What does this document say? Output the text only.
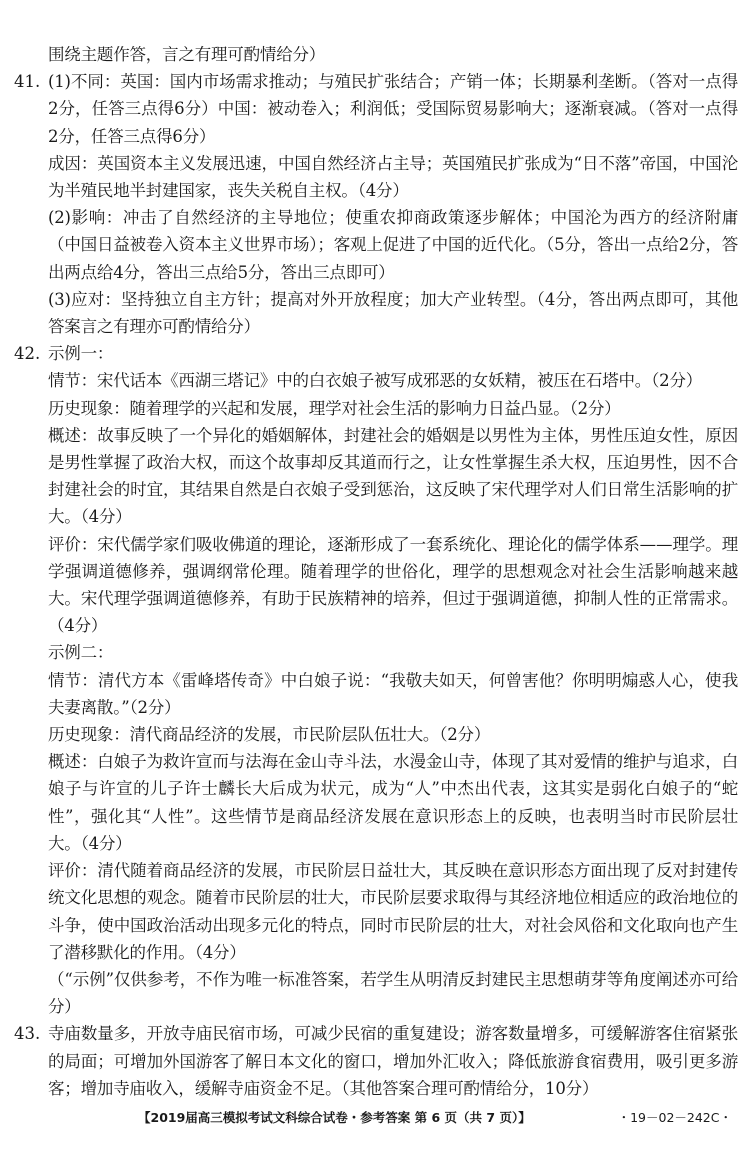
围绕主题作答，言之有理可酌情给分）

41. (1)不同：英国：国内市场需求推动；与殖民扩张结合；产销一体；长期暴利垄断。（答对一点得2分，任答三点得6分）中国：被动卷入；利润低；受国际贸易影响大；逐渐衰减。（答对一点得2分，任答三点得6分）

成因：英国资本主义发展迅速，中国自然经济占主导；英国殖民扩张成为“日不落”帝国，中国沦为半殖民地半封建国家，丧失关税自主权。（4分）

(2)影响：冲击了自然经济的主导地位；使重农抑商政策逐步解体；中国沦为西方的经济附庸（中国日益被卷入资本主义世界市场）；客观上促进了中国的近代化。（5分，答出一点给2分，答出两点给4分，答出三点给5分，答出三点即可）

(3)应对：坚持独立自主方针；提高对外开放程度；加大产业转型。（4分，答出两点即可，其他答案言之有理亦可酌情给分）

42. 示例一：

情节：宋代话本《西湖三塔记》中的白衣娘子被写成邪恶的女妖精，被压在石塔中。（2分）

历史现象：随着理学的兴起和发展，理学对社会生活的影响力日益凸显。（2分）

概述：故事反映了一个异化的婚姻解体，封建社会的婚姻是以男性为主体，男性压迫女性，原因是男性掌握了政治大权，而这个故事却反其道而行之，让女性掌握生杀大权，压迫男性，因不合封建社会的时宜，其结果自然是白衣娘子受到惩治，这反映了宋代理学对人们日常生活影响的扩大。（4分）

评价：宋代儒学家们吸收佛道的理论，逐渐形成了一套系统化、理论化的儒学体系——理学。理学强调道德修养，强调纲常伦理。随着理学的世俗化，理学的思想观念对社会生活影响越来越大。宋代理学强调道德修养，有助于民族精神的培养，但过于强调道德，抑制人性的正常需求。（4分）

示例二：

情节：清代方本《雷峰塔传奇》中白娘子说：“我敬夫如天，何曾害他？你明明煽惑人心，使我夫妻离散。”（2分）

历史现象：清代商品经济的发展，市民阶层队伍壮大。（2分）

概述：白娘子为救许宣而与法海在金山寺斗法，水漫金山寺，体现了其对爱情的维护与追求，白娘子与许宣的儿子许士麟长大后成为状元，成为“人”中杰出代表，这其实是弱化白娘子的“蛇性”，强化其“人性”。这些情节是商品经济发展在意识形态上的反映，也表明当时市民阶层壮大。（4分）

评价：清代随着商品经济的发展，市民阶层日益壮大，其反映在意识形态方面出现了反对封建传统文化思想的观念。随着市民阶层的壮大，市民阶层要求取得与其经济地位相适应的政治地位的斗争，使中国政治活动出现多元化的特点，同时市民阶层的壮大，对社会风俗和文化取向也产生了潜移默化的作用。（4分）

（“示例”仅供参考，不作为唯一标准答案，若学生从明清反封建民主思想萌芽等角度阐述亦可给分）

43. 寺庙数量多，开放寺庙民宿市场，可减少民宿的重复建设；游客数量增多，可缓解游客住宿紧张的局面；可增加外国游客了解日本文化的窗口，增加外汇收入；降低旅游食宿费用，吸引更多游客；增加寺庙收入，缓解寺庙资金不足。（其他答案合理可酌情给分，10分）

【2019届高三模拟考试文科综合试卷・参考答案 第 6 页（共 7 页）】	・19－02－242C・
